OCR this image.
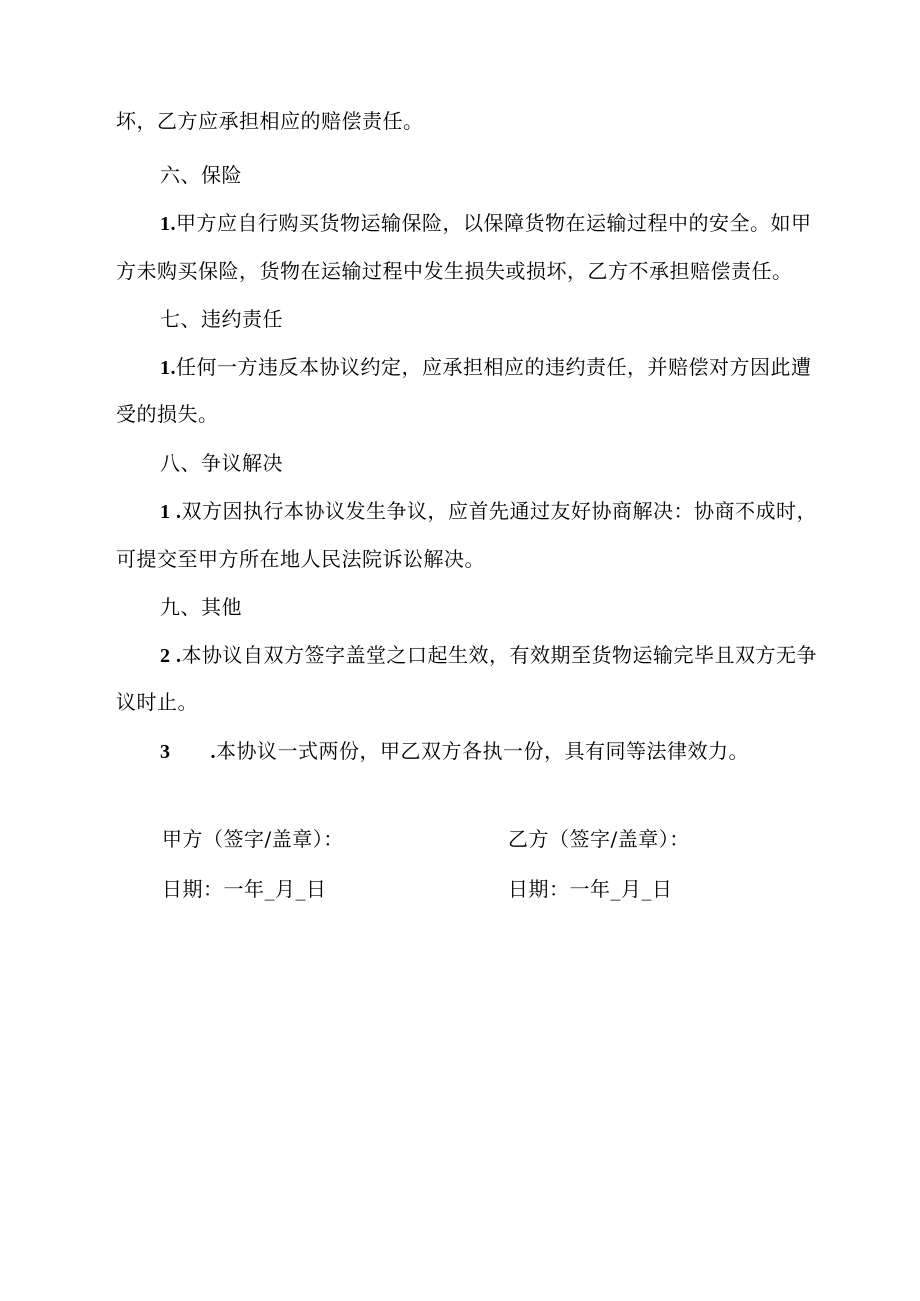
坏，乙方应承担相应的赔偿责任。
六、保险
1.甲方应自行购买货物运输保险，以保障货物在运输过程中的安全。如甲
方未购买保险，货物在运输过程中发生损失或损坏，乙方不承担赔偿责任。
七、违约责任
1.任何一方违反本协议约定，应承担相应的违约责任，并赔偿对方因此遭
受的损失。
八、争议解决
1 .双方因执行本协议发生争议，应首先通过友好协商解决：协商不成时，
可提交至甲方所在地人民法院诉讼解决。
九、其他
2 .本协议自双方签字盖堂之口起生效，有效期至货物运输完毕且双方无争
议时止。
3 .本协议一式两份，甲乙双方各执一份，具有同等法律效力。
甲方（签字/盖章）：	乙方（签字/盖章）：
日期：一年_月_日	日期：一年_月_日
